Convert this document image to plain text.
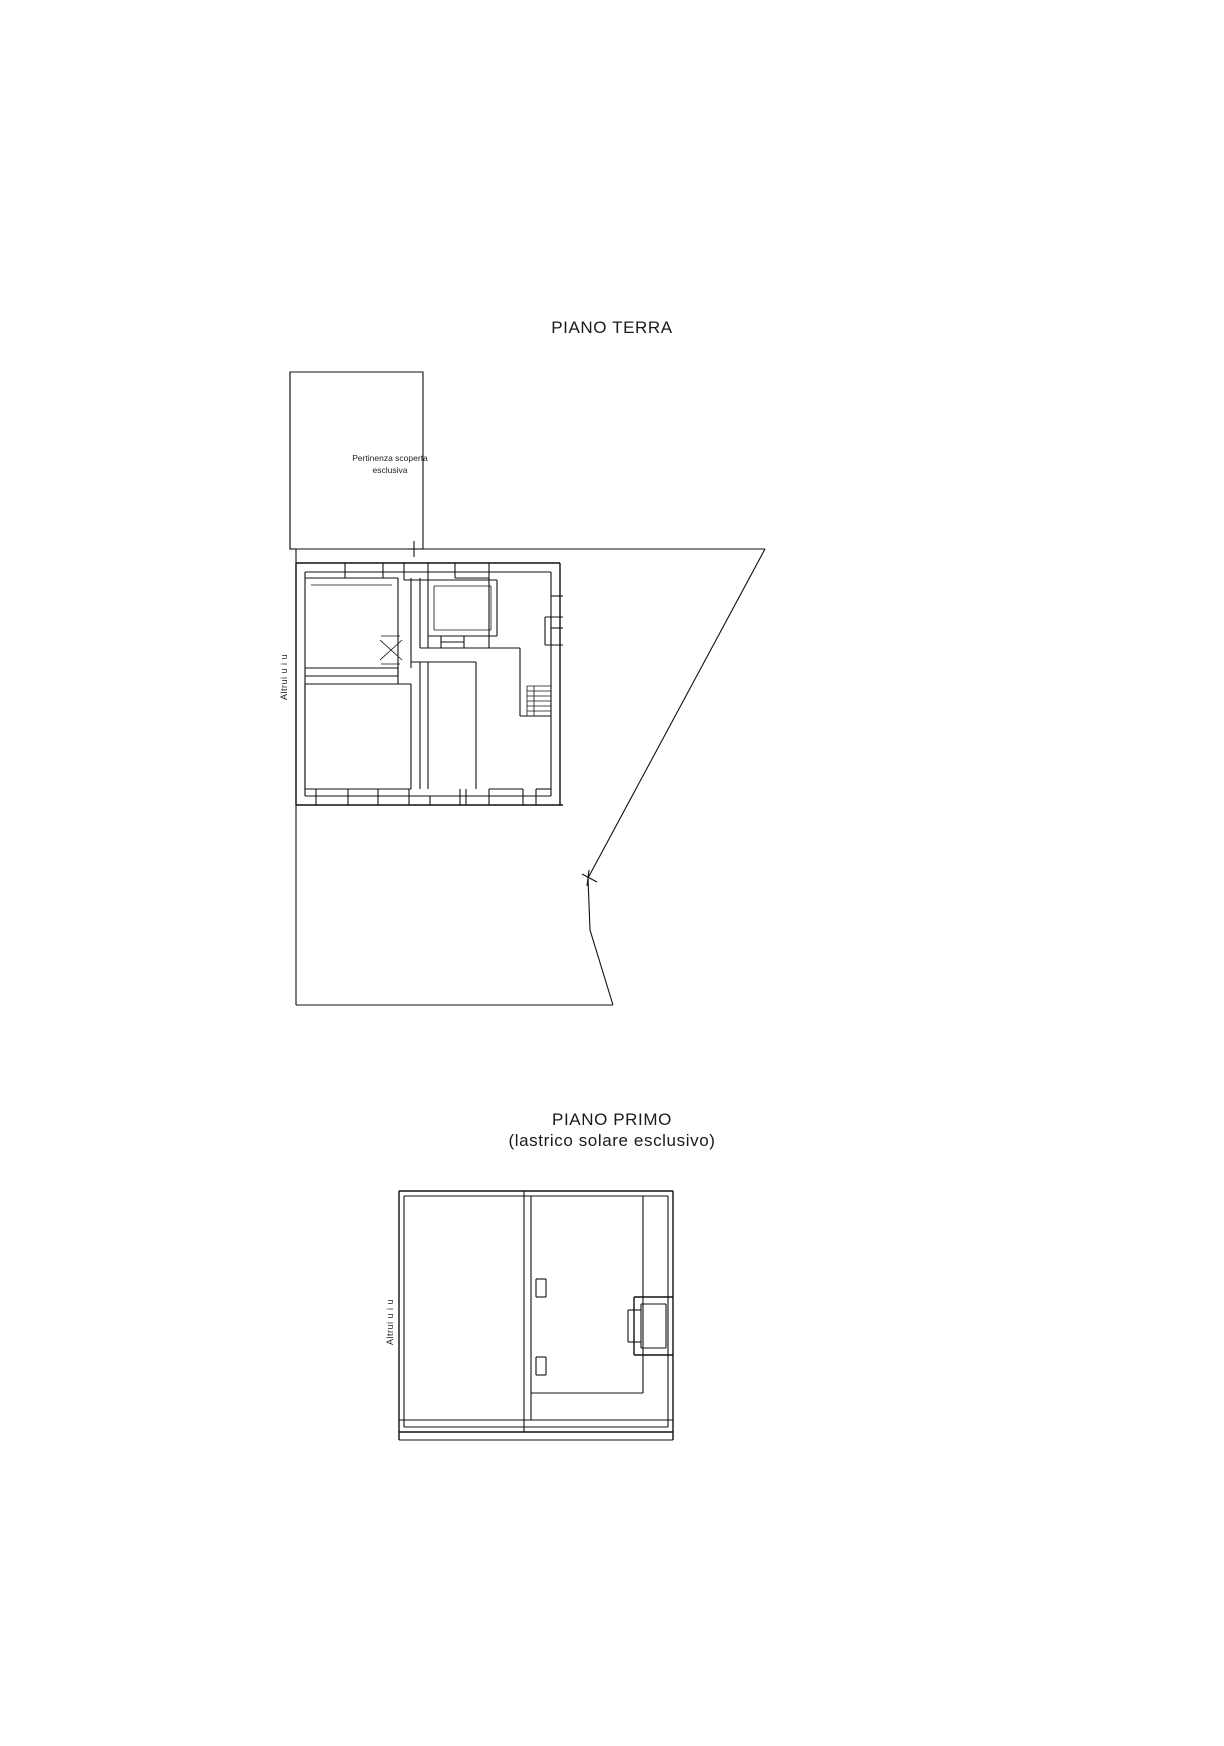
PIANO TERRA
Altrui u i u
Pertinenza scoperta
esclusiva
PIANO PRIMO
(lastrico solare esclusivo)
Altrui u i u
